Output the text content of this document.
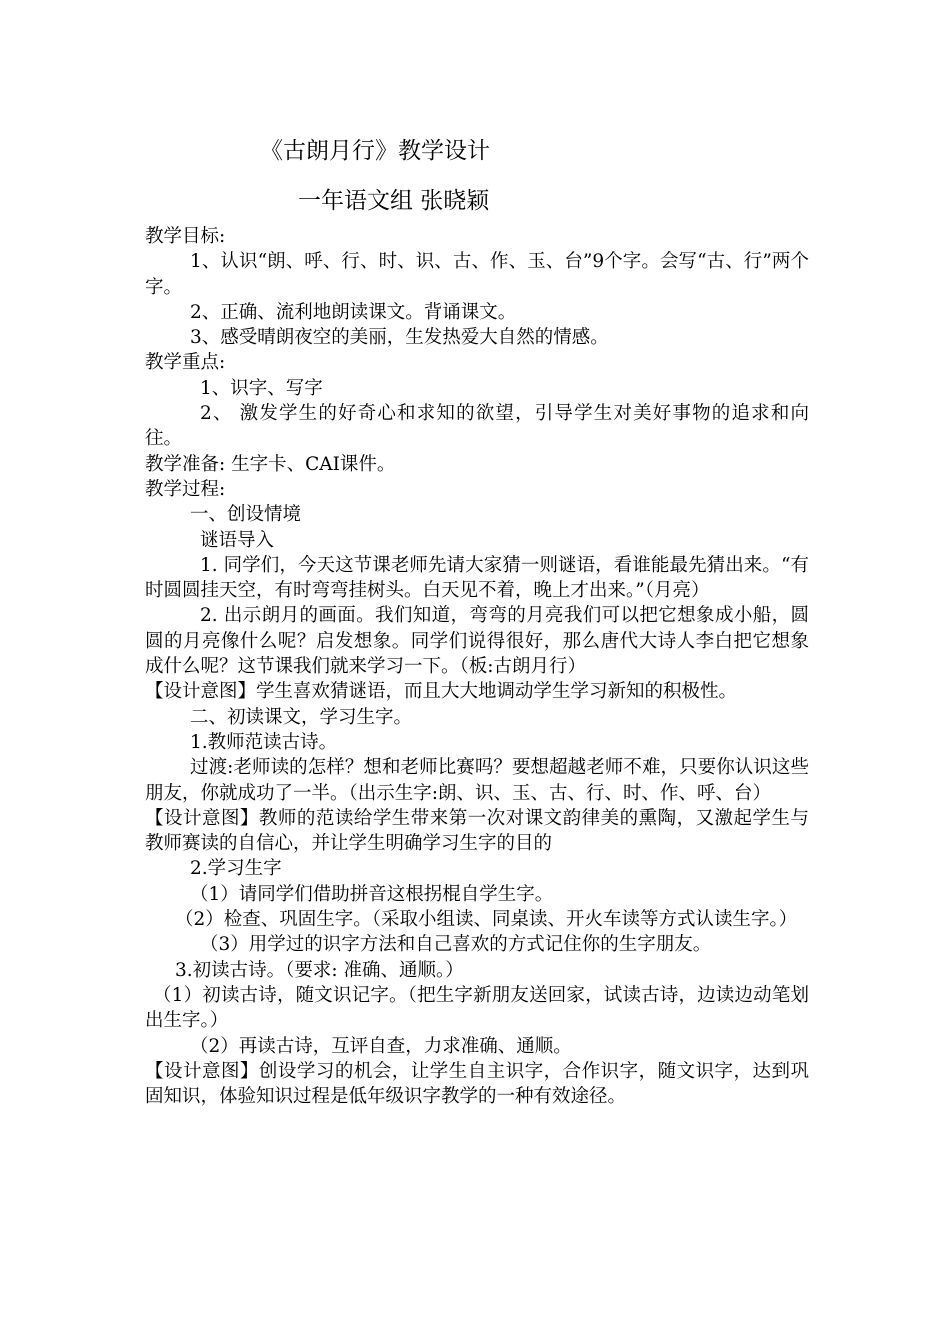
《古朗月行》教学设计
一年语文组 张晓颖

教学目标:

1、认识“朗、呼、行、时、识、古、作、玉、台”9个字。会写“古、行”两个字。

2、正确、流利地朗读课文。背诵课文。

3、感受晴朗夜空的美丽，生发热爱大自然的情感。

教学重点:

1、识字、写字

2、 激发学生的好奇心和求知的欲望，引导学生对美好事物的追求和向往。

教学准备: 生字卡、CAI课件。

教学过程:

一、创设情境

谜语导入

1. 同学们，今天这节课老师先请大家猜一则谜语，看谁能最先猜出来。“有时圆圆挂天空，有时弯弯挂树头。白天见不着，晚上才出来。”（月亮）

2. 出示朗月的画面。我们知道，弯弯的月亮我们可以把它想象成小船，圆圆的月亮像什么呢？启发想象。同学们说得很好，那么唐代大诗人李白把它想象成什么呢？这节课我们就来学习一下。（板:古朗月行）

【设计意图】学生喜欢猜谜语，而且大大地调动学生学习新知的积极性。

二、初读课文，学习生字。

1.教师范读古诗。

过渡:老师读的怎样？想和老师比赛吗？要想超越老师不难，只要你认识这些朋友，你就成功了一半。（出示生字:朗、识、玉、古、行、时、作、呼、台）

【设计意图】教师的范读给学生带来第一次对课文韵律美的熏陶，又激起学生与教师赛读的自信心，并让学生明确学习生字的目的

2.学习生字

（1）请同学们借助拼音这根拐棍自学生字。

（2）检查、巩固生字。（采取小组读、同桌读、开火车读等方式认读生字。）

（3）用学过的识字方法和自己喜欢的方式记住你的生字朋友。

3.初读古诗。（要求: 准确、通顺。）

（1）初读古诗，随文识记字。（把生字新朋友送回家，试读古诗，边读边动笔划出生字。）

（2）再读古诗，互评自查，力求准确、通顺。

【设计意图】创设学习的机会，让学生自主识字，合作识字，随文识字，达到巩固知识，体验知识过程是低年级识字教学的一种有效途径。
